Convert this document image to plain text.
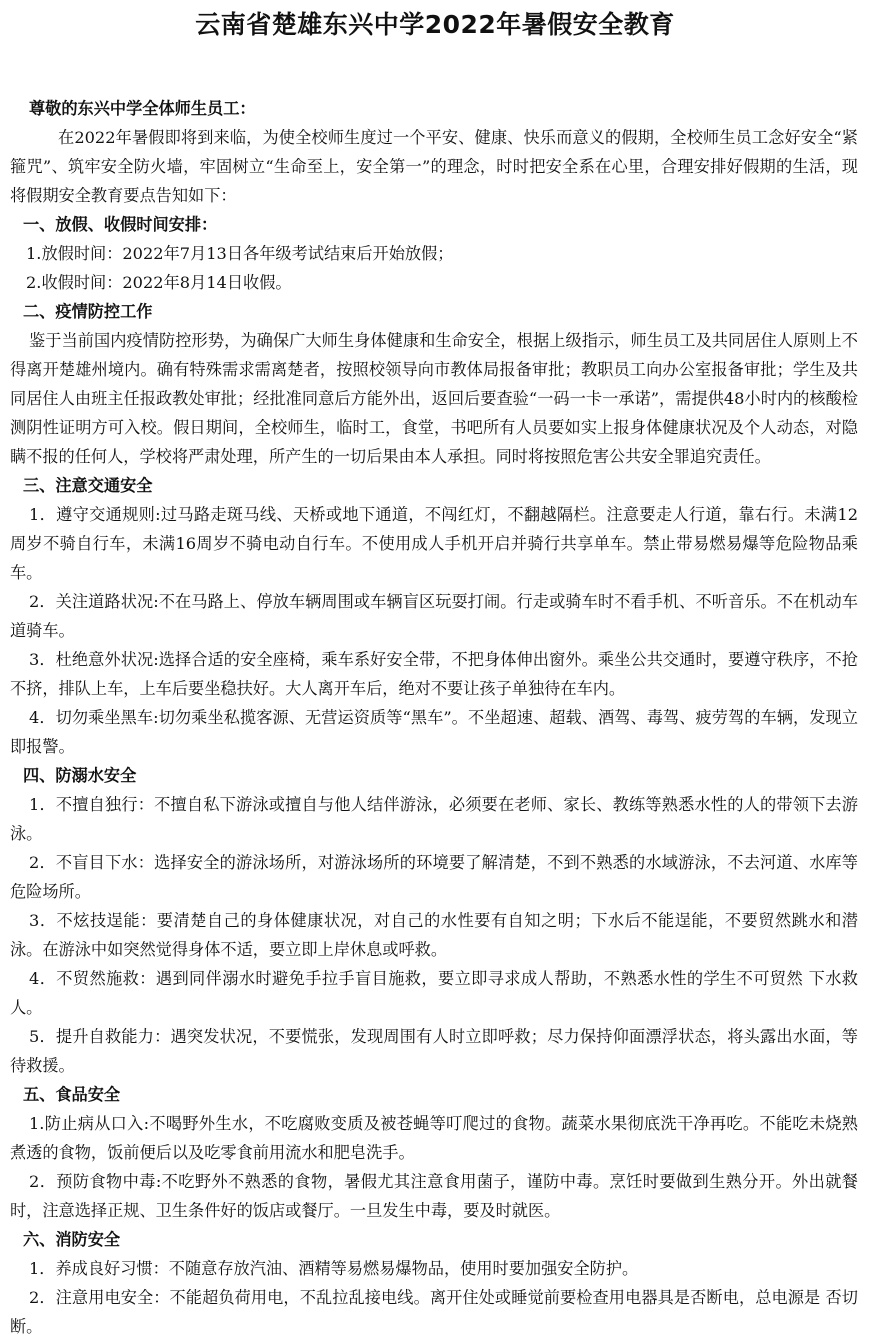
云南省楚雄东兴中学2022年暑假安全教育

尊敬的东兴中学全体师生员工：

在2022年暑假即将到来临，为使全校师生度过一个平安、健康、快乐而意义的假期，全校师生员工念好安全“紧箍咒”、筑牢安全防火墙，牢固树立“生命至上，安全第一”的理念，时时把安全系在心里，合理安排好假期的生活，现将假期安全教育要点告知如下：

一、放假、收假时间安排：

1.放假时间：2022年7月13日各年级考试结束后开始放假；

2.收假时间：2022年8月14日收假。

二、疫情防控工作

鉴于当前国内疫情防控形势，为确保广大师生身体健康和生命安全，根据上级指示，师生员工及共同居住人原则上不得离开楚雄州境内。确有特殊需求需离楚者，按照校领导向市教体局报备审批；教职员工向办公室报备审批；学生及共同居住人由班主任报政教处审批；经批准同意后方能外出，返回后要查验“一码一卡一承诺”，需提供48小时内的核酸检测阴性证明方可入校。假日期间，全校师生，临时工，食堂，书吧所有人员要如实上报身体健康状况及个人动态，对隐瞒不报的任何人，学校将严肃处理，所产生的一切后果由本人承担。同时将按照危害公共安全罪追究责任。

三、注意交通安全

1．遵守交通规则:过马路走斑马线、天桥或地下通道，不闯红灯，不翻越隔栏。注意要走人行道，靠右行。未满12周岁不骑自行车，未满16周岁不骑电动自行车。不使用成人手机开启并骑行共享单车。禁止带易燃易爆等危险物品乘车。

2．关注道路状况:不在马路上、停放车辆周围或车辆盲区玩耍打闹。行走或骑车时不看手机、不听音乐。不在机动车道骑车。

3．杜绝意外状况:选择合适的安全座椅，乘车系好安全带，不把身体伸出窗外。乘坐公共交通时，要遵守秩序，不抢不挤，排队上车，上车后要坐稳扶好。大人离开车后，绝对不要让孩子单独待在车内。

4．切勿乘坐黑车:切勿乘坐私揽客源、无营运资质等“黑车”。不坐超速、超载、酒驾、毒驾、疲劳驾的车辆，发现立即报警。

四、防溺水安全

1．不擅自独行：不擅自私下游泳或擅自与他人结伴游泳，必须要在老师、家长、教练等熟悉水性的人的带领下去游泳。

2．不盲目下水：选择安全的游泳场所，对游泳场所的环境要了解清楚，不到不熟悉的水域游泳，不去河道、水库等危险场所。

3．不炫技逞能：要清楚自己的身体健康状况，对自己的水性要有自知之明；下水后不能逞能，不要贸然跳水和潜泳。在游泳中如突然觉得身体不适，要立即上岸休息或呼救。

4．不贸然施救：遇到同伴溺水时避免手拉手盲目施救，要立即寻求成人帮助，不熟悉水性的学生不可贸然 下水救人。

5．提升自救能力：遇突发状况，不要慌张，发现周围有人时立即呼救；尽力保持仰面漂浮状态，将头露出水面，等待救援。

五、食品安全

1.防止病从口入:不喝野外生水，不吃腐败变质及被苍蝇等叮爬过的食物。蔬菜水果彻底洗干净再吃。不能吃未烧熟煮透的食物，饭前便后以及吃零食前用流水和肥皂洗手。

2．预防食物中毒:不吃野外不熟悉的食物，暑假尤其注意食用菌子，谨防中毒。烹饪时要做到生熟分开。外出就餐时，注意选择正规、卫生条件好的饭店或餐厅。一旦发生中毒，要及时就医。

六、消防安全

1．养成良好习惯：不随意存放汽油、酒精等易燃易爆物品，使用时要加强安全防护。

2．注意用电安全：不能超负荷用电，不乱拉乱接电线。离开住处或睡觉前要检查用电器具是否断电，总电源是 否切断。
